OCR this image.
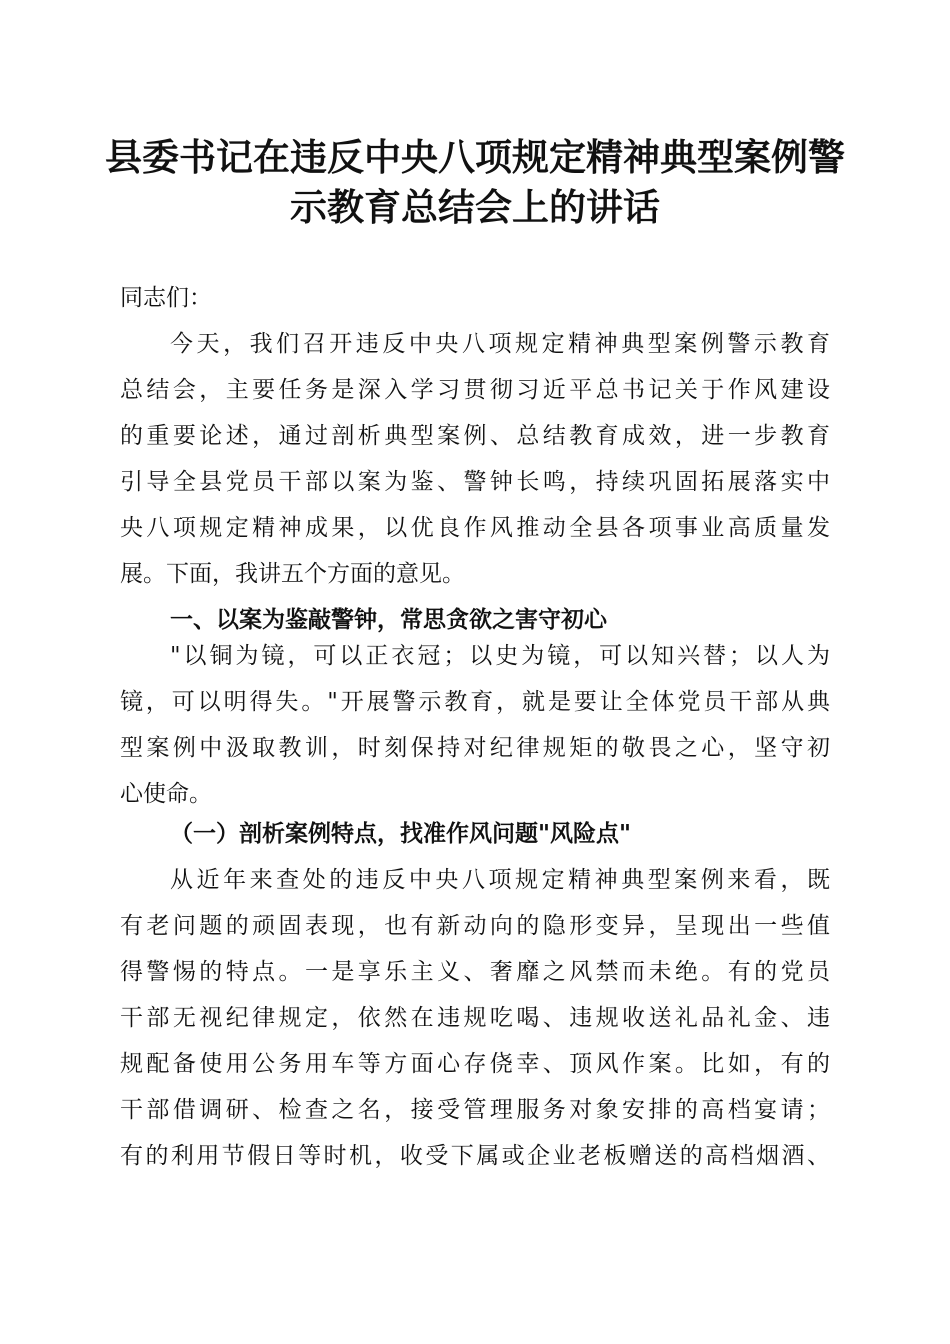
县委书记在违反中央八项规定精神典型案例警
示教育总结会上的讲话

同志们：

今天，我们召开违反中央八项规定精神典型案例警示教育
总结会，主要任务是深入学习贯彻习近平总书记关于作风建设
的重要论述，通过剖析典型案例、总结教育成效，进一步教育
引导全县党员干部以案为鉴、警钟长鸣，持续巩固拓展落实中
央八项规定精神成果，以优良作风推动全县各项事业高质量发
展。下面，我讲五个方面的意见。
一、以案为鉴敲警钟，常思贪欲之害守初心
"以铜为镜，可以正衣冠；以史为镜，可以知兴替；以人为
镜，可以明得失。"开展警示教育，就是要让全体党员干部从典
型案例中汲取教训，时刻保持对纪律规矩的敬畏之心，坚守初
心使命。
（一）剖析案例特点，找准作风问题"风险点"
从近年来查处的违反中央八项规定精神典型案例来看，既
有老问题的顽固表现，也有新动向的隐形变异，呈现出一些值
得警惕的特点。一是享乐主义、奢靡之风禁而未绝。有的党员
干部无视纪律规定，依然在违规吃喝、违规收送礼品礼金、违
规配备使用公务用车等方面心存侥幸、顶风作案。比如，有的
干部借调研、检查之名，接受管理服务对象安排的高档宴请；
有的利用节假日等时机，收受下属或企业老板赠送的高档烟酒、
